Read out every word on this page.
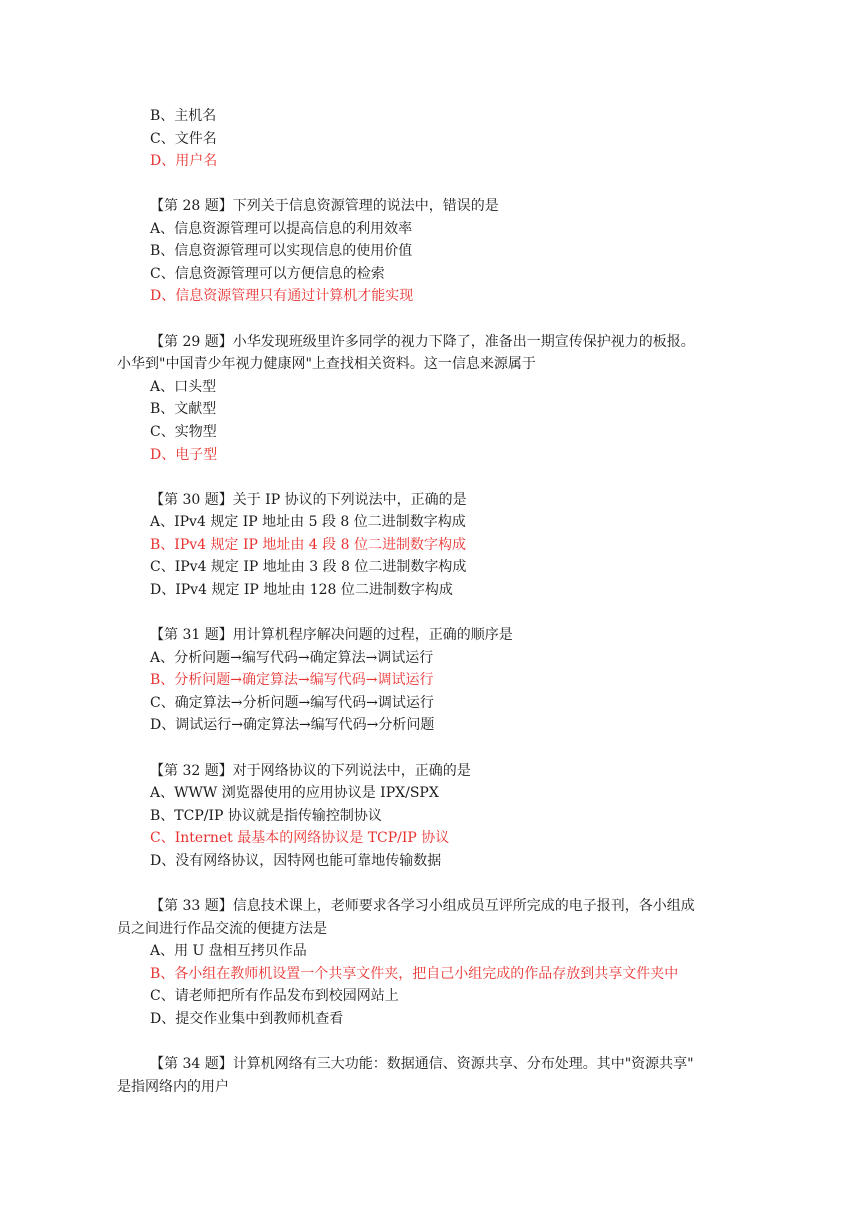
B、主机名
C、文件名
D、用户名
【第 28 题】下列关于信息资源管理的说法中，错误的是
A、信息资源管理可以提高信息的利用效率
B、信息资源管理可以实现信息的使用价值
C、信息资源管理可以方便信息的检索
D、信息资源管理只有通过计算机才能实现
【第 29 题】小华发现班级里许多同学的视力下降了，准备出一期宣传保护视力的板报。
小华到"中国青少年视力健康网"上查找相关资料。这一信息来源属于
A、口头型
B、文献型
C、实物型
D、电子型
【第 30 题】关于 IP 协议的下列说法中，正确的是
A、IPv4 规定 IP 地址由 5 段 8 位二进制数字构成
B、IPv4 规定 IP 地址由 4 段 8 位二进制数字构成
C、IPv4 规定 IP 地址由 3 段 8 位二进制数字构成
D、IPv4 规定 IP 地址由 128 位二进制数字构成
【第 31 题】用计算机程序解决问题的过程，正确的顺序是
A、分析问题→编写代码→确定算法→调试运行
B、分析问题→确定算法→编写代码→调试运行
C、确定算法→分析问题→编写代码→调试运行
D、调试运行→确定算法→编写代码→分析问题
【第 32 题】对于网络协议的下列说法中，正确的是
A、WWW 浏览器使用的应用协议是 IPX/SPX
B、TCP/IP 协议就是指传输控制协议
C、Internet 最基本的网络协议是 TCP/IP 协议
D、没有网络协议，因特网也能可靠地传输数据
【第 33 题】信息技术课上，老师要求各学习小组成员互评所完成的电子报刊，各小组成
员之间进行作品交流的便捷方法是
A、用 U 盘相互拷贝作品
B、各小组在教师机设置一个共享文件夹，把自己小组完成的作品存放到共享文件夹中
C、请老师把所有作品发布到校园网站上
D、提交作业集中到教师机查看
【第 34 题】计算机网络有三大功能：数据通信、资源共享、分布处理。其中"资源共享"
是指网络内的用户
